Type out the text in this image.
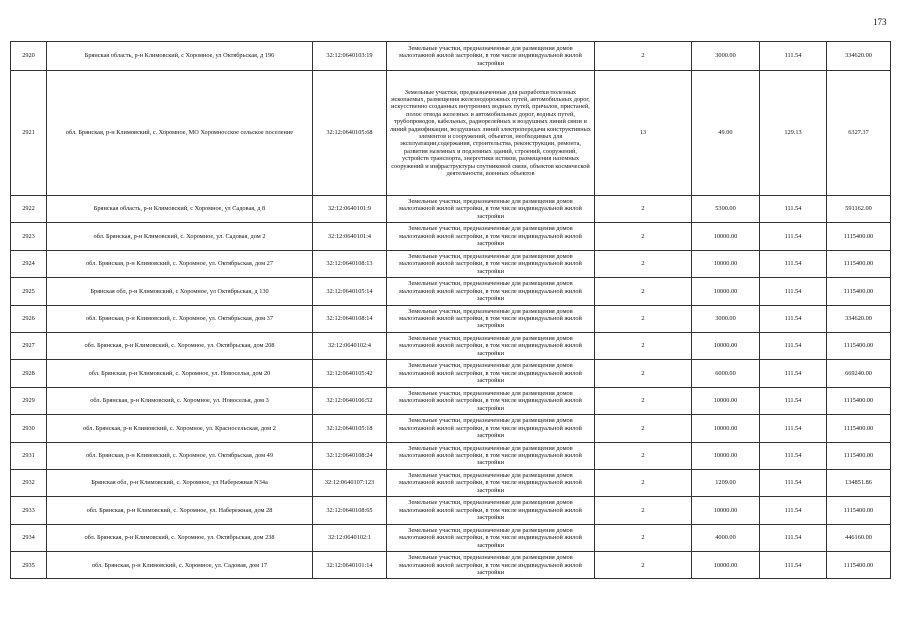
173
2920	Брянская область, р-н Климовский, с Хоромное, ул Октябрьская, д 196	32:12:0640103:19	Земельные участки, предназначенные для размещения домов малоэтажной жилой застройки, в том числе индивидуальной жилой застройки	2	3000.00	111.54	334620.00
2921	обл. Брянская, р-н Климовский, с. Хоромное, МО Хоромносское сельское поселение	32:12:0640105:68	Земельные участки, предназначенные для разработки полезных ископаемых, размещения железнодорожных путей, автомобильных дорог, искусственно созданных внутренних водных путей, причалов, пристаней, полос отвода железных и автомобильных дорог, водных путей, трубопроводов, кабельных, радиорелейных и воздушных линий связи и линий радиофикации, воздушных линий электропередачи конструктивных элементов и сооружений, объектов, необходимых для эксплуатации,содержания, строительства, реконструкции, ремонта, развития наземных и подземных зданий, строений, сооружений, устройств транспорта, энергетики иствязи, размещения наземных сооружений и инфраструктуры спутниковой связи, объектов космической деятельности, военных объектов	13	49.00	129.13	6327.37
2922	Брянская область, р-н Климовский, с Хоромное, ул Садовая, д 8	32:12:0640101:9	Земельные участки, предназначенные для размещения домов малоэтажной жилой застройки, в том числе индивидуальной жилой застройки	2	5300.00	111.54	591162.00
2923	обл. Брянская, р-н Климовский, с. Хоромное, ул. Садовая, дом 2	32:12:0640101:4	Земельные участки, предназначенные для размещения домов малоэтажной жилой застройки, в том числе индивидуальной жилой застройки	2	10000.00	111.54	1115400.00
2924	обл. Брянская, р-н Климовский, с. Хоромное, ул. Октябрьская, дом 27	32:12:0640108:13	Земельные участки, предназначенные для размещения домов малоэтажной жилой застройки, в том числе индивидуальной жилой застройки	2	10000.00	111.54	1115400.00
2925	Брянская обл, р-н Климовский, с Хоромное, ул Октябрьская, д 130	32:12:0640105:14	Земельные участки, предназначенные для размещения домов малоэтажной жилой застройки, в том числе индивидуальной жилой застройки	2	10000.00	111.54	1115400.00
2926	обл. Брянская, р-н Климовский, с. Хоромное, ул. Октябрьская, дом 37	32:12:0640108:14	Земельные участки, предназначенные для размещения домов малоэтажной жилой застройки, в том числе индивидуальной жилой застройки	2	3000.00	111.54	334620.00
2927	обл. Брянская, р-н Климовский, с. Хоромное, ул. Октябрьская, дом 208	32:12:0640102:4	Земельные участки, предназначенные для размещения домов малоэтажной жилой застройки, в том числе индивидуальной жилой застройки	2	10000.00	111.54	1115400.00
2928	обл. Брянская, р-н Климовский, с. Хоромное, ул. Новоселья, дом 20	32:12:0640105:42	Земельные участки, предназначенные для размещения домов малоэтажной жилой застройки, в том числе индивидуальной жилой застройки	2	6000.00	111.54	669240.00
2929	обл. Брянская, р-н Климовский, с. Хоромное, ул. Новоселья, дом 3	32:12:0640106:52	Земельные участки, предназначенные для размещения домов малоэтажной жилой застройки, в том числе индивидуальной жилой застройки	2	10000.00	111.54	1115400.00
2930	обл. Брянская, р-н Климовский, с. Хоромное, ул. Красносельская, дом 2	32:12:0640105:18	Земельные участки, предназначенные для размещения домов малоэтажной жилой застройки, в том числе индивидуальной жилой застройки	2	10000.00	111.54	1115400.00
2931	обл. Брянская, р-н Климовский, с. Хоромное, ул. Октябрьская, дом 49	32:12:0640108:24	Земельные участки, предназначенные для размещения домов малоэтажной жилой застройки, в том числе индивидуальной жилой застройки	2	10000.00	111.54	1115400.00
2932	Брянская обл, р-н Климовский, с. Хоромное, ул Набережная N34а	32:12:0640107:123	Земельные участки, предназначенные для размещения домов малоэтажной жилой застройки, в том числе индивидуальной жилой застройки	2	1209.00	111.54	134851.86
2933	обл. Брянская, р-н Климовский, с. Хоромное, ул. Набережная, дом 28	32:12:0640108:65	Земельные участки, предназначенные для размещения домов малоэтажной жилой застройки, в том числе индивидуальной жилой застройки	2	10000.00	111.54	1115400.00
2934	обл. Брянская, р-н Климовский, с. Хоромное, ул. Октябрьская, дом 238	32:12:0640102:1	Земельные участки, предназначенные для размещения домов малоэтажной жилой застройки, в том числе индивидуальной жилой застройки	2	4000.00	111.54	446160.00
2935	обл. Брянская, р-н Климовский, с. Хоромное, ул. Садовая, дом 17	32:12:0640101:14	Земельные участки, предназначенные для размещения домов малоэтажной жилой застройки, в том числе индивидуальной жилой застройки	2	10000.00	111.54	1115400.00
